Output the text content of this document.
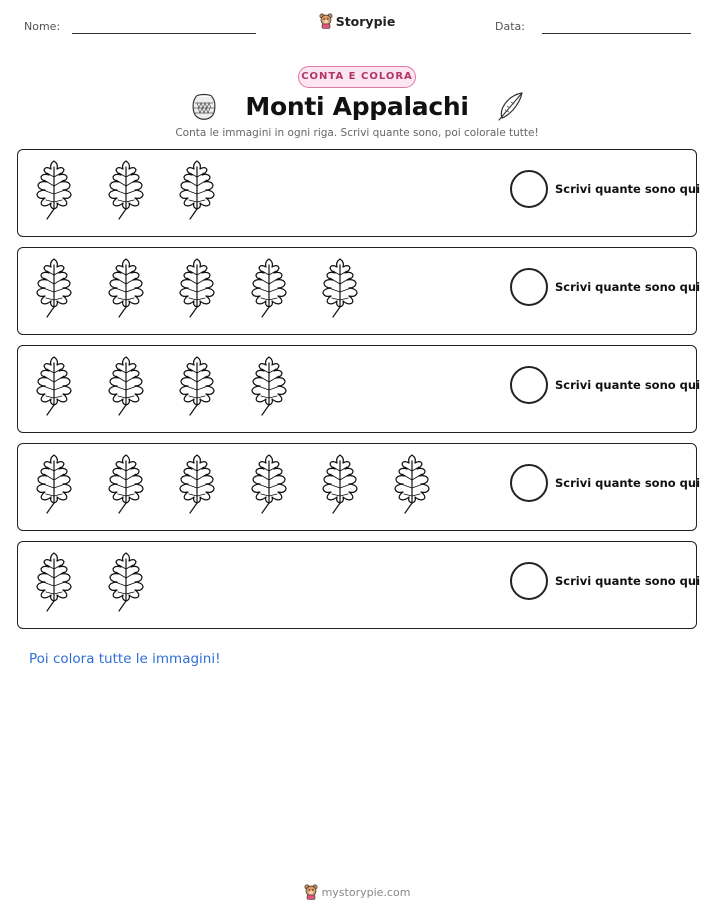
Nome:	Storypie	Data:
CONTA E COLORA
Monti Appalachi
Conta le immagini in ogni riga. Scrivi quante sono, poi colorale tutte!
Scrivi quante sono qui
Scrivi quante sono qui
Scrivi quante sono qui
Scrivi quante sono qui
Scrivi quante sono qui
Poi colora tutte le immagini!
mystorypie.com
